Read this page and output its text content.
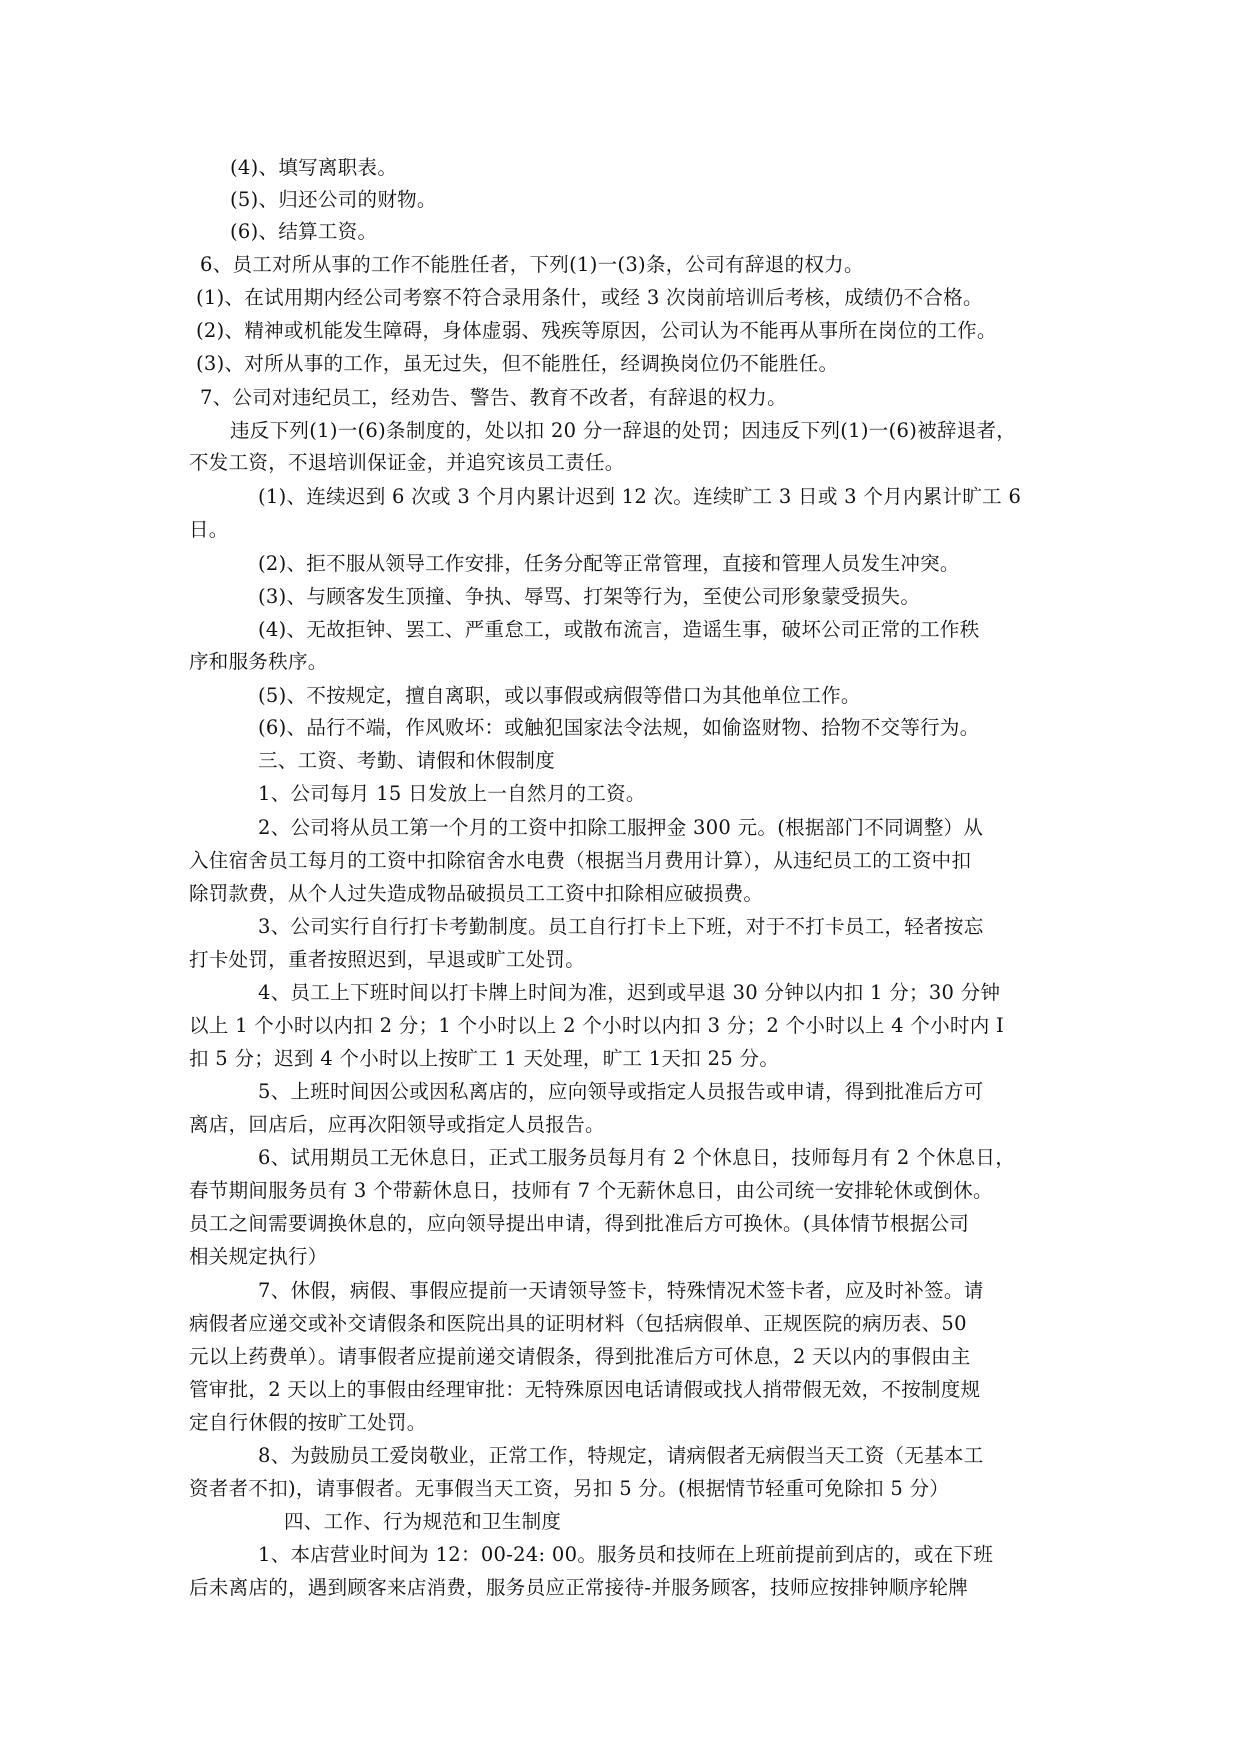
(4)、填写离职表。
(5)、归还公司的财物。
(6)、结算工资。
6、员工对所从事的工作不能胜任者，下列(1)一(3)条，公司有辞退的权力。
(1)、在试用期内经公司考察不符合录用条什，或经 3 次岗前培训后考核，成绩仍不合格。
(2)、精神或机能发生障碍，身体虚弱、残疾等原因，公司认为不能再从事所在岗位的工作。
(3)、对所从事的工作，虽无过失，但不能胜任，经调换岗位仍不能胜任。
7、公司对违纪员工，经劝告、警告、教育不改者，有辞退的权力。
违反下列(1)一(6)条制度的，处以扣 20 分一辞退的处罚；因违反下列(1)一(6)被辞退者，
不发工资，不退培训保证金，并追究该员工责任。
(1)、连续迟到 6 次或 3 个月内累计迟到 12 次。连续旷工 3 日或 3 个月内累计旷工 6
日。
(2)、拒不服从领导工作安排，任务分配等正常管理，直接和管理人员发生冲突。
(3)、与顾客发生顶撞、争执、辱骂、打架等行为，至使公司形象蒙受损失。
(4)、无故拒钟、罢工、严重怠工，或散布流言，造谣生事，破坏公司正常的工作秩
序和服务秩序。
(5)、不按规定，擅自离职，或以事假或病假等借口为其他单位工作。
(6)、品行不端，作风败坏：或触犯国家法令法规，如偷盗财物、拾物不交等行为。
三、工资、考勤、请假和休假制度
1、公司每月 15 日发放上一自然月的工资。
2、公司将从员工第一个月的工资中扣除工服押金 300 元。(根据部门不同调整）从
入住宿舍员工每月的工资中扣除宿舍水电费（根据当月费用计算），从违纪员工的工资中扣
除罚款费，从个人过失造成物品破损员工工资中扣除相应破损费。
3、公司实行自行打卡考勤制度。员工自行打卡上下班，对于不打卡员工，轻者按忘
打卡处罚，重者按照迟到，早退或旷工处罚。
4、员工上下班时间以打卡牌上时间为准，迟到或早退 30 分钟以内扣 1 分；30 分钟
以上 1 个小时以内扣 2 分；1 个小时以上 2 个小时以内扣 3 分；2 个小时以上 4 个小时内 I
扣 5 分；迟到 4 个小时以上按旷工 1 天处理，旷工 1天扣 25 分。
5、上班时间因公或因私离店的，应向领导或指定人员报告或申请，得到批准后方可
离店，回店后，应再次阳领导或指定人员报告。
6、试用期员工无休息日，正式工服务员每月有 2 个休息日，技师每月有 2 个休息日，
春节期间服务员有 3 个带薪休息日，技师有 7 个无薪休息日，由公司统一安排轮休或倒休。
员工之间需要调换休息的，应向领导提出申请，得到批准后方可换休。(具体情节根据公司
相关规定执行）
7、休假，病假、事假应提前一天请领导签卡，特殊情况术签卡者，应及时补签。请
病假者应递交或补交请假条和医院出具的证明材料（包括病假单、正规医院的病历表、50
元以上药费单）。请事假者应提前递交请假条，得到批准后方可休息，2 天以内的事假由主
管审批，2 天以上的事假由经理审批：无特殊原因电话请假或找人捎带假无效，不按制度规
定自行休假的按旷工处罚。
8、为鼓励员工爱岗敬业，正常工作，特规定，请病假者无病假当天工资（无基本工
资者者不扣)，请事假者。无事假当天工资，另扣 5 分。(根据情节轻重可免除扣 5 分）
四、工作、行为规范和卫生制度
1、本店营业时间为 12：00-24: 00。服务员和技师在上班前提前到店的，或在下班
后未离店的，遇到顾客来店消费，服务员应正常接待-并服务顾客，技师应按排钟顺序轮牌
